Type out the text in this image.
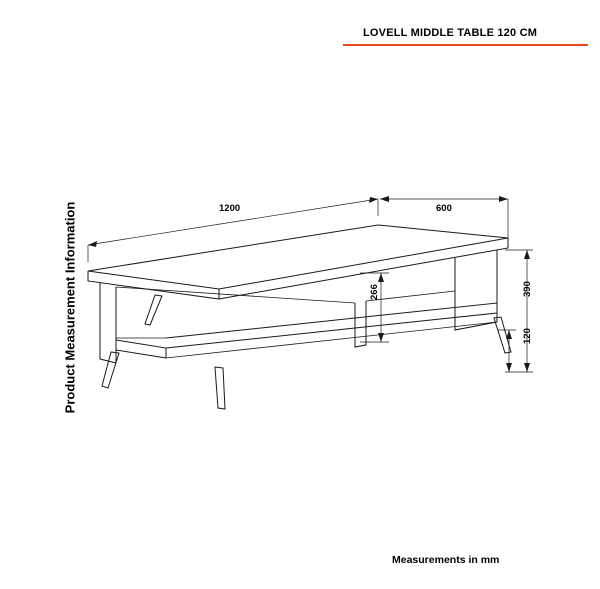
LOVELL MIDDLE TABLE 120 CM
Product Measurement Information	1200	600
390
266
120
Measurements in mm
